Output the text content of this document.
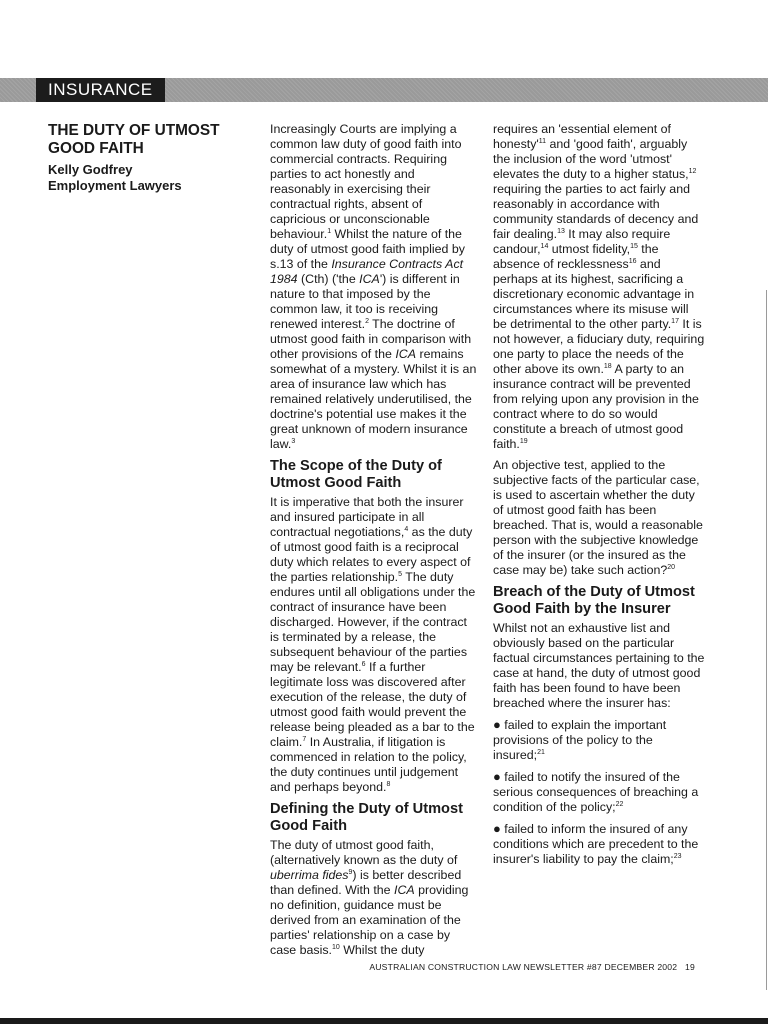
INSURANCE
THE DUTY OF UTMOST GOOD FAITH
Kelly Godfrey
Employment Lawyers

Increasingly Courts are implying a common law duty of good faith into commercial contracts. Requiring parties to act honestly and reasonably in exercising their contractual rights, absent of capricious or unconscionable behaviour.$^1$ Whilst the nature of the duty of utmost good faith implied by s.13 of the Insurance Contracts Act 1984 (Cth) ('the ICA') is different in nature to that imposed by the common law, it too is receiving renewed interest.$^2$ The doctrine of utmost good faith in comparison with other provisions of the ICA remains somewhat of a mystery. Whilst it is an area of insurance law which has remained relatively underutilised, the doctrine's potential use makes it the great unknown of modern insurance law.$^3$

The Scope of the Duty of Utmost Good Faith

It is imperative that both the insurer and insured participate in all contractual negotiations,$^4$ as the duty of utmost good faith is a reciprocal duty which relates to every aspect of the parties relationship.$^5$ The duty endures until all obligations under the contract of insurance have been discharged. However, if the contract is terminated by a release, the subsequent behaviour of the parties may be relevant.$^6$ If a further legitimate loss was discovered after execution of the release, the duty of utmost good faith would prevent the release being pleaded as a bar to the claim.$^7$ In Australia, if litigation is commenced in relation to the policy, the duty continues until judgement and perhaps beyond.$^8$

Defining the Duty of Utmost Good Faith

The duty of utmost good faith, (alternatively known as the duty of uberrima fides$^9$) is better described than defined. With the ICA providing no definition, guidance must be derived from an examination of the parties' relationship on a case by case basis.$^{10}$ Whilst the duty

requires an 'essential element of $honesty'^{11}$ and 'good faith', arguably the inclusion of the word 'utmost' elevates the duty to a higher status,$^{12}$ requiring the parties to act fairly and reasonably in accordance with community standards of decency and fair dealing.$^{13}$ It may also require candour,$^{14}$ utmost fidelity,$^{15}$ the absence of recklessness$^{16}$ and perhaps at its highest, sacrificing a discretionary economic advantage in circumstances where its misuse will be detrimental to the other party.$^{17}$ It is not however, a fiduciary duty, requiring one party to place the needs of the other above its own.$^{18}$ A party to an insurance contract will be prevented from relying upon any provision in the contract where to do so would constitute a breach of utmost good faith.$^{19}$

An objective test, applied to the subjective facts of the particular case, is used to ascertain whether the duty of utmost good faith has been breached. That is, would a reasonable person with the subjective knowledge of the insurer (or the insured as the case may be) take such action?$^{20}$

Breach of the Duty of Utmost Good Faith by the Insurer

Whilst not an exhaustive list and obviously based on the particular factual circumstances pertaining to the case at hand, the duty of utmost good faith has been found to have been breached where the insurer has:

● failed to explain the important provisions of the policy to the insured;$^{21}$

● failed to notify the insured of the serious consequences of breaching a condition of the policy;$^{22}$

● failed to inform the insured of any conditions which are precedent to the insurer's liability to pay the claim;$^{23}$

AUSTRALIAN CONSTRUCTION LAW NEWSLETTER #87 DECEMBER 2002 19
